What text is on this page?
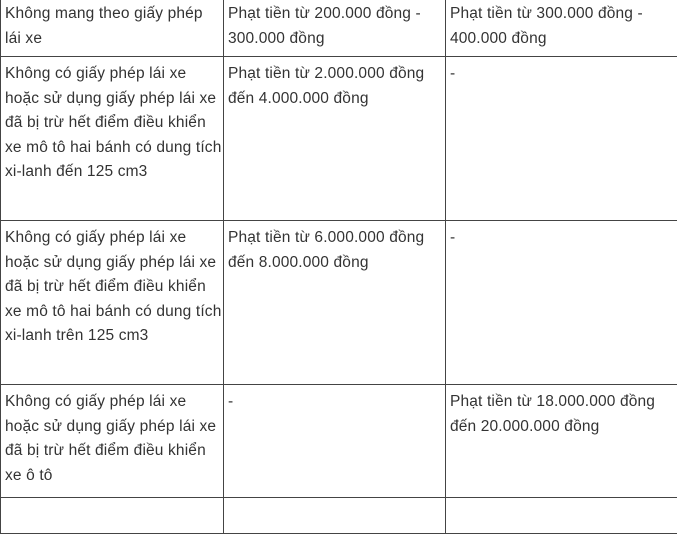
Không mang theo giấy phép lái xe	Phạt tiền từ 200.000 đồng - 300.000 đồng	Phạt tiền từ 300.000 đồng - 400.000 đồng
Không có giấy phép lái xe hoặc sử dụng giấy phép lái xe đã bị trừ hết điểm điều khiển xe mô tô hai bánh có dung tích xi-lanh đến 125 cm3	Phạt tiền từ 2.000.000 đồng đến 4.000.000 đồng	-
Không có giấy phép lái xe hoặc sử dụng giấy phép lái xe đã bị trừ hết điểm điều khiển xe mô tô hai bánh có dung tích xi-lanh trên 125 cm3	Phạt tiền từ 6.000.000 đồng đến 8.000.000 đồng	-
Không có giấy phép lái xe hoặc sử dụng giấy phép lái xe đã bị trừ hết điểm điều khiển xe ô tô	-	Phạt tiền từ 18.000.000 đồng đến 20.000.000 đồng
